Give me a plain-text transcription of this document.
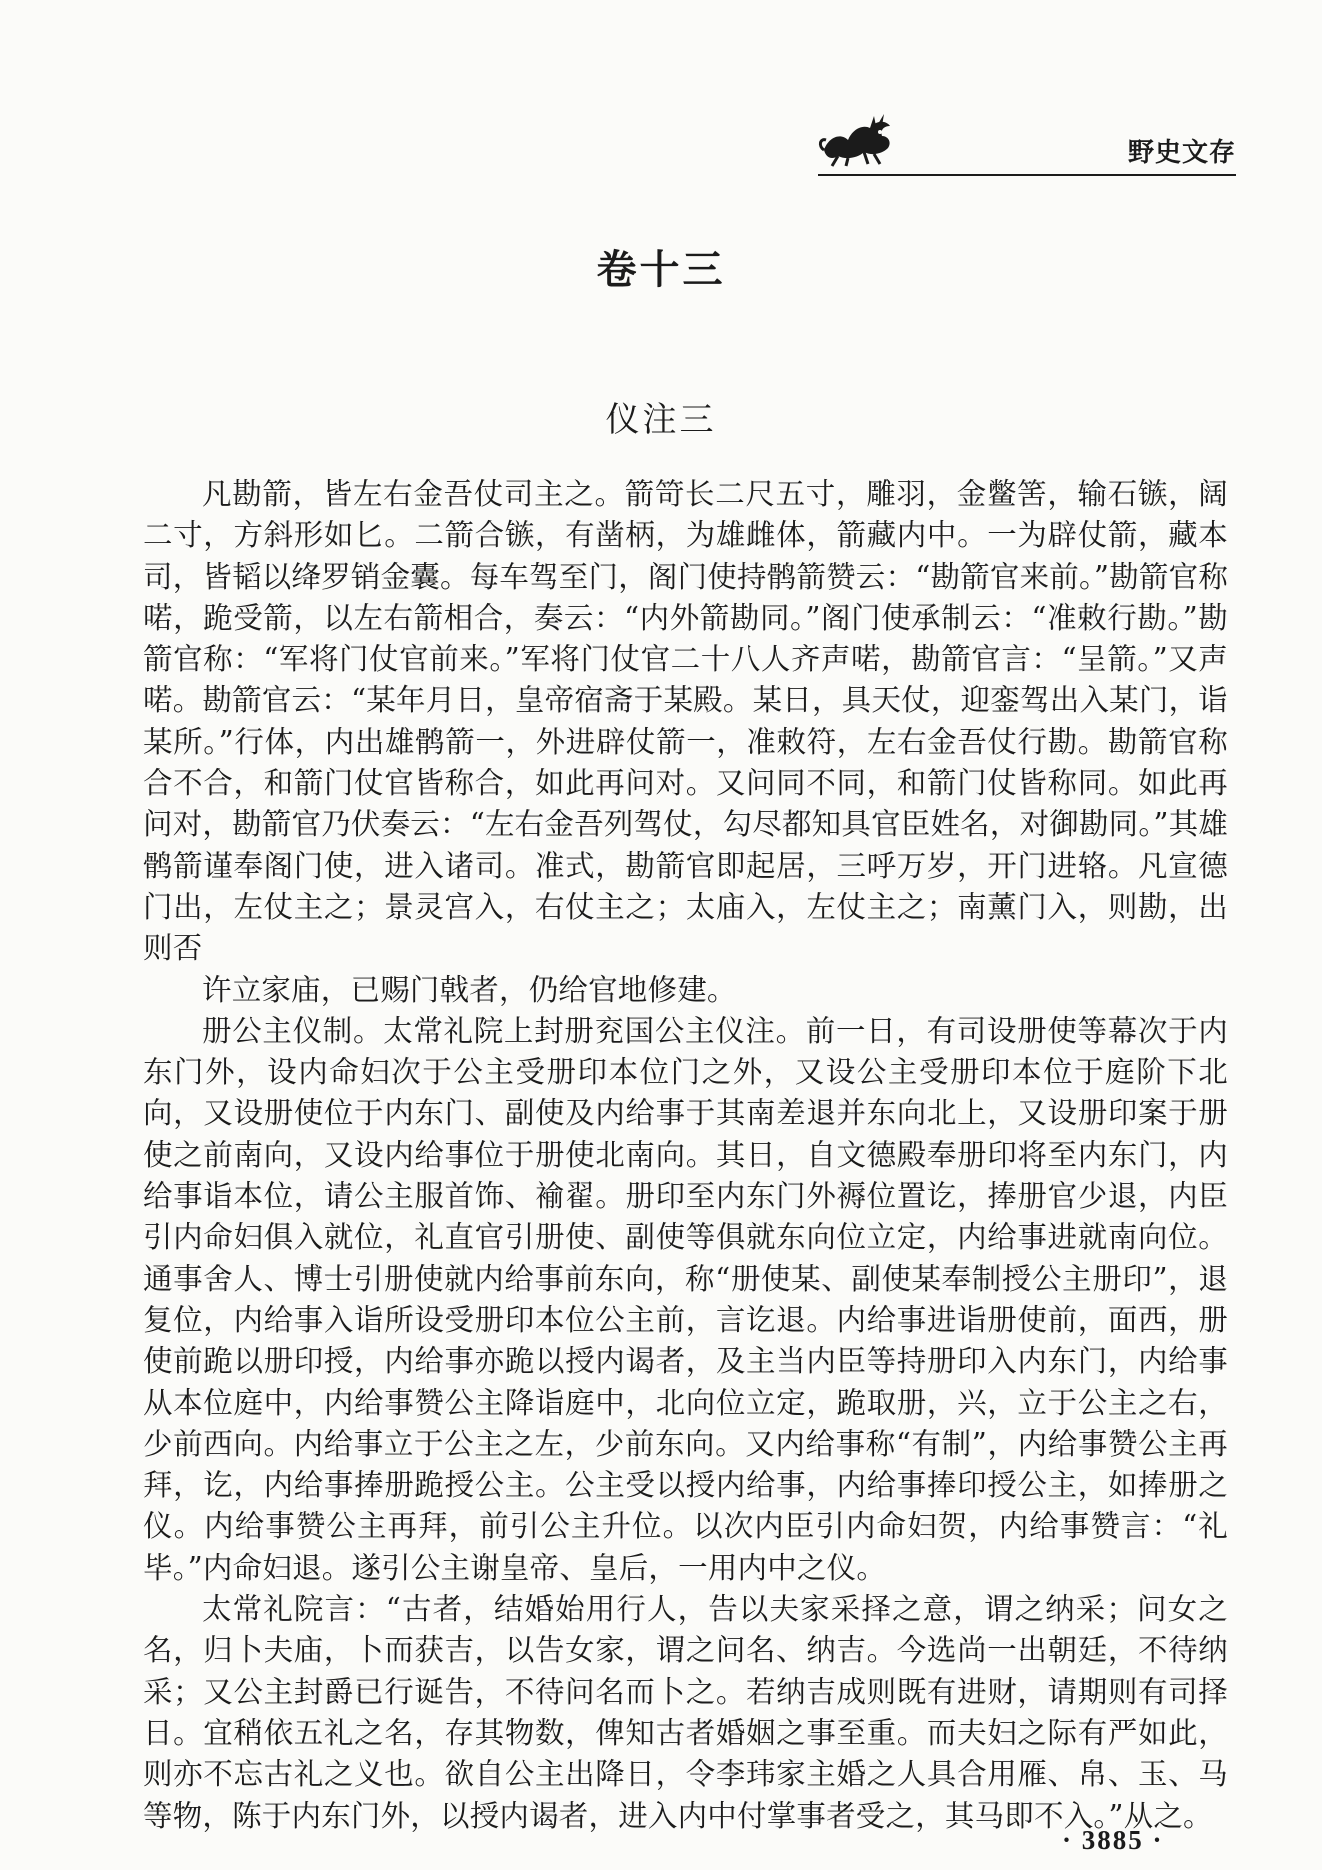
野史文存
卷十三
仪注三

凡勘箭，皆左右金吾仗司主之。箭笴长二尺五寸，雕羽，金鳖筈，输石镞，阔二寸，方斜形如匕。二箭合镞，有凿柄，为雄雌体，箭藏内中。一为辟仗箭，藏本司，皆韬以绛罗销金囊。每车驾至门，阁门使持鹘箭赞云：“勘箭官来前。”勘箭官称喏，跪受箭，以左右箭相合，奏云：“内外箭勘同。”阁门使承制云：“准敕行勘。”勘箭官称：“军将门仗官前来。”军将门仗官二十八人齐声喏，勘箭官言：“呈箭。”又声喏。勘箭官云：“某年月日，皇帝宿斋于某殿。某日，具天仗，迎銮驾出入某门，诣某所。”行体，内出雄鹘箭一，外进辟仗箭一，准敕符，左右金吾仗行勘。勘箭官称合不合，和箭门仗官皆称合，如此再问对。又问同不同，和箭门仗皆称同。如此再问对，勘箭官乃伏奏云：“左右金吾列驾仗，勾尽都知具官臣姓名，对御勘同。”其雄鹘箭谨奉阁门使，进入诸司。准式，勘箭官即起居，三呼万岁，开门进辂。凡宣德门出，左仗主之；景灵宫入，右仗主之；太庙入，左仗主之；南薰门入，则勘，出则否

许立家庙，已赐门戟者，仍给官地修建。

册公主仪制。太常礼院上封册兖国公主仪注。前一日，有司设册使等幕次于内东门外，设内命妇次于公主受册印本位门之外，又设公主受册印本位于庭阶下北向，又设册使位于内东门、副使及内给事于其南差退并东向北上，又设册印案于册使之前南向，又设内给事位于册使北南向。其日，自文德殿奉册印将至内东门，内给事诣本位，请公主服首饰、褕翟。册印至内东门外褥位置讫，捧册官少退，内臣引内命妇俱入就位，礼直官引册使、副使等俱就东向位立定，内给事进就南向位。通事舍人、博士引册使就内给事前东向，称“册使某、副使某奉制授公主册印”，退复位，内给事入诣所设受册印本位公主前，言讫退。内给事进诣册使前，面西，册使前跪以册印授，内给事亦跪以授内谒者，及主当内臣等持册印入内东门，内给事从本位庭中，内给事赞公主降诣庭中，北向位立定，跪取册，兴，立于公主之右，少前西向。内给事立于公主之左，少前东向。又内给事称“有制”，内给事赞公主再拜，讫，内给事捧册跪授公主。公主受以授内给事，内给事捧印授公主，如捧册之仪。内给事赞公主再拜，前引公主升位。以次内臣引内命妇贺，内给事赞言：“礼毕。”内命妇退。遂引公主谢皇帝、皇后，一用内中之仪。

太常礼院言：“古者，结婚始用行人，告以夫家采择之意，谓之纳采；问女之名，归卜夫庙，卜而获吉，以告女家，谓之问名、纳吉。今选尚一出朝廷，不待纳采；又公主封爵已行诞告，不待问名而卜之。若纳吉成则既有进财，请期则有司择日。宜稍依五礼之名，存其物数，俾知古者婚姻之事至重。而夫妇之际有严如此，则亦不忘古礼之义也。欲自公主出降日，令李玮家主婚之人具合用雁、帛、玉、马等物，陈于内东门外，以授内谒者，进入内中付掌事者受之，其马即不入。”从之。

· 3885 ·
